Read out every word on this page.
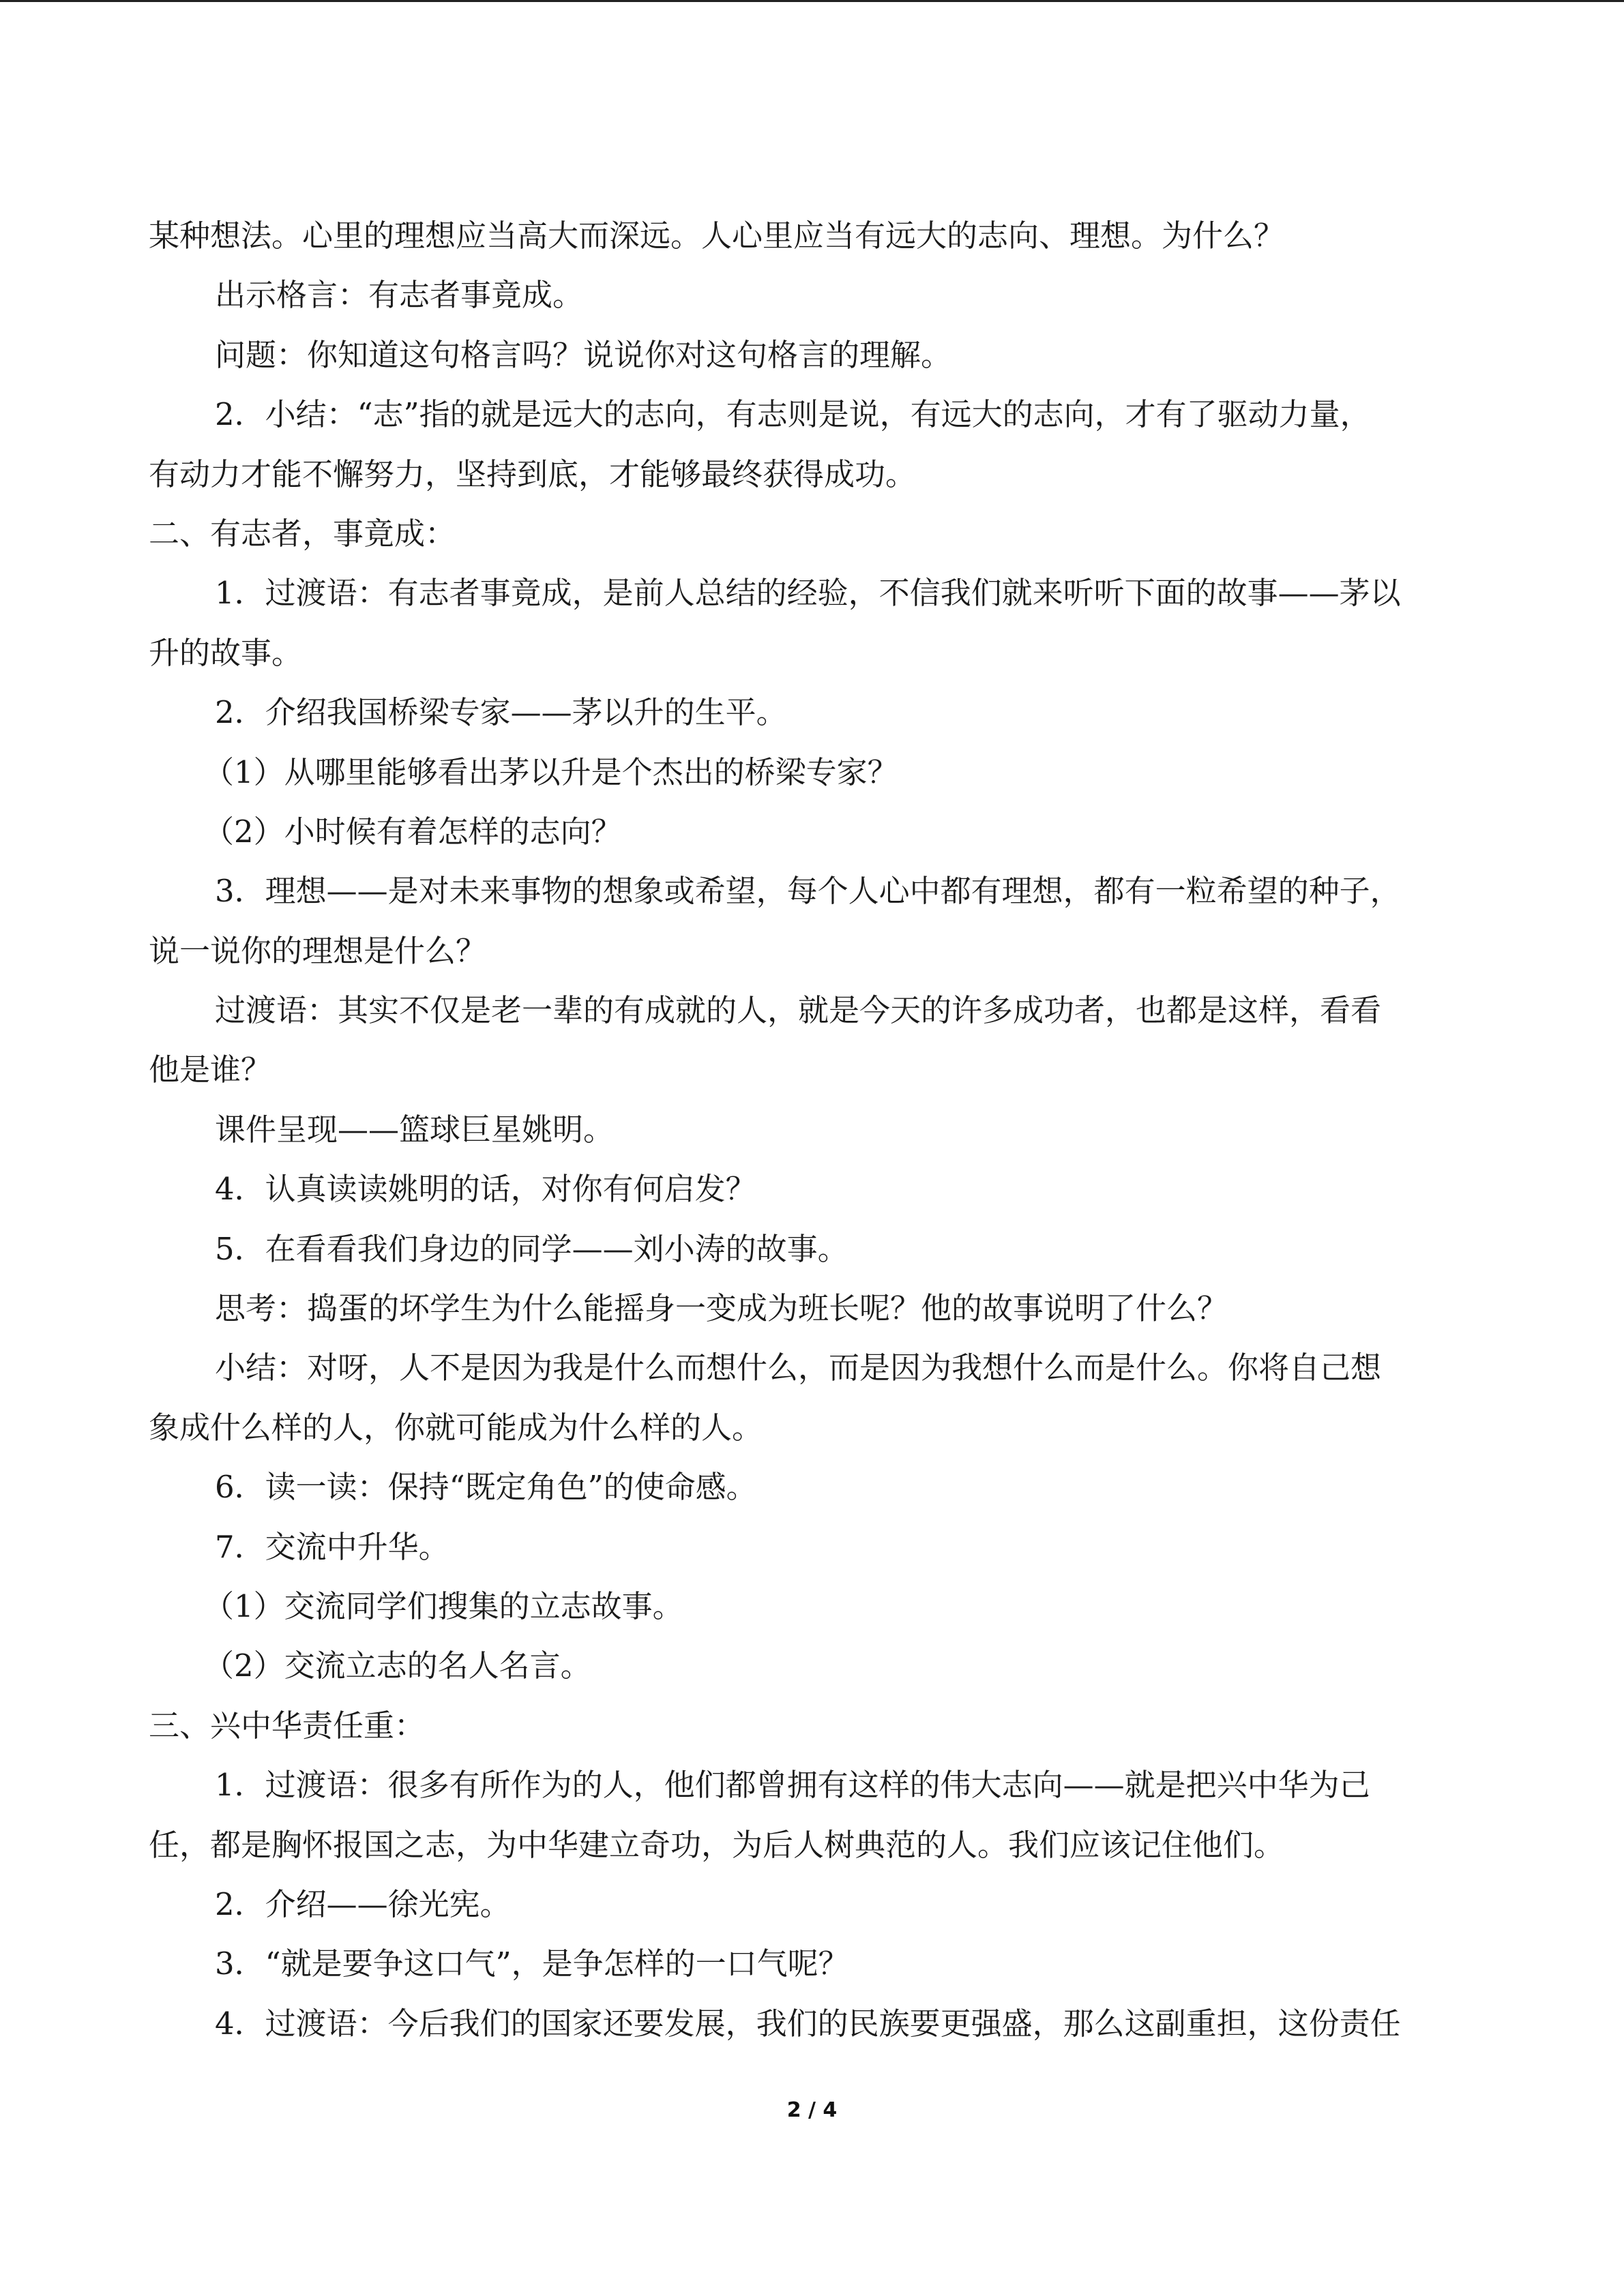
某种想法。心里的理想应当高大而深远。人心里应当有远大的志向、理想。为什么？

出示格言：有志者事竟成。

问题：你知道这句格言吗？说说你对这句格言的理解。

2．小结：“志”指的就是远大的志向，有志则是说，有远大的志向，才有了驱动力量，

有动力才能不懈努力，坚持到底，才能够最终获得成功。

二、有志者，事竟成：

1．过渡语：有志者事竟成，是前人总结的经验，不信我们就来听听下面的故事——茅以

升的故事。

2．介绍我国桥梁专家——茅以升的生平。

（1）从哪里能够看出茅以升是个杰出的桥梁专家？

（2）小时候有着怎样的志向？

3．理想——是对未来事物的想象或希望，每个人心中都有理想，都有一粒希望的种子，

说一说你的理想是什么？

过渡语：其实不仅是老一辈的有成就的人，就是今天的许多成功者，也都是这样，看看

他是谁？

课件呈现——篮球巨星姚明。

4．认真读读姚明的话，对你有何启发？

5．在看看我们身边的同学——刘小涛的故事。

思考：捣蛋的坏学生为什么能摇身一变成为班长呢？他的故事说明了什么？

小结：对呀，人不是因为我是什么而想什么，而是因为我想什么而是什么。你将自己想

象成什么样的人，你就可能成为什么样的人。

6．读一读：保持“既定角色”的使命感。

7．交流中升华。

（1）交流同学们搜集的立志故事。

（2）交流立志的名人名言。

三、兴中华责任重：

1．过渡语：很多有所作为的人，他们都曾拥有这样的伟大志向——就是把兴中华为己

任，都是胸怀报国之志，为中华建立奇功，为后人树典范的人。我们应该记住他们。

2．介绍——徐光宪。

3．“就是要争这口气”，是争怎样的一口气呢？

4．过渡语：今后我们的国家还要发展，我们的民族要更强盛，那么这副重担，这份责任

2 / 4
